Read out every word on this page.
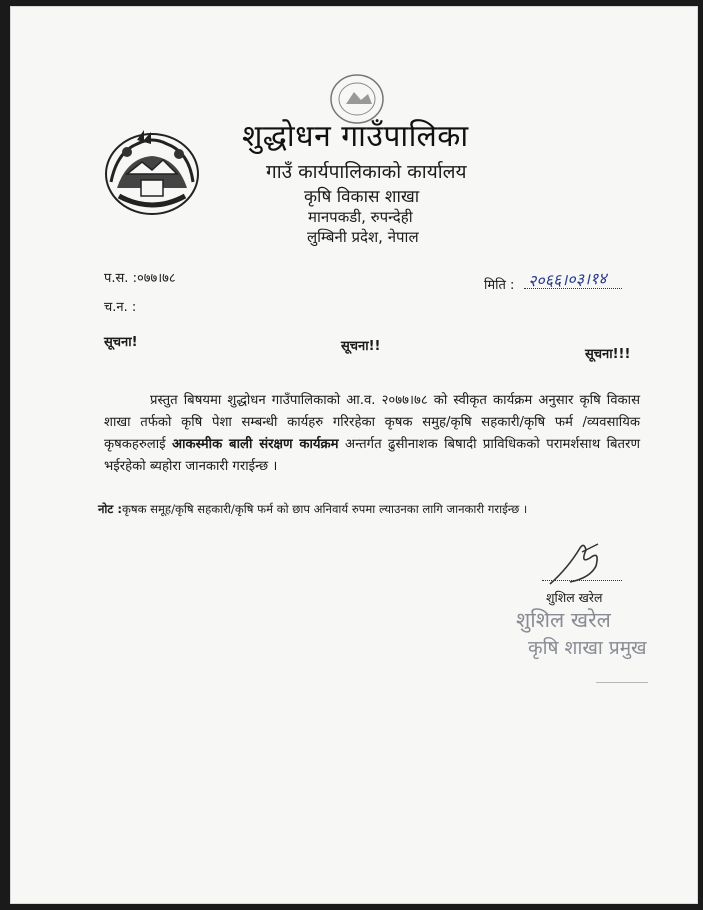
शुद्धोधन गाउँपालिका
गाउँ कार्यपालिकाको कार्यालय
कृषि विकास शाखा
मानपकडी, रुपन्देही
लुम्बिनी प्रदेश, नेपाल
प.स. :०७७।७८
च.न. :
मिति : २०६६।०३।१४
सूचना!	सूचना!!
सूचना!!!
प्रस्तुत बिषयमा शुद्धोधन गाउँपालिकाको आ.व. २०७७।७८ को स्वीकृत कार्यक्रम अनुसार कृषि विकास शाखा तर्फको कृषि पेशा सम्बन्धी कार्यहरु गरिरहेका कृषक समुह/कृषि सहकारी/कृषि फर्म /व्यवसायिक कृषकहरुलाई आकस्मीक बाली संरक्षण कार्यक्रम अन्तर्गत ढुसीनाशक बिषादी प्राविधिकको परामर्शसाथ बितरण भईरहेको ब्यहोरा जानकारी गराईन्छ ।
नोट :कृषक समूह/कृषि सहकारी/कृषि फर्म को छाप अनिवार्य रुपमा ल्याउनका लागि जानकारी गराईन्छ ।
शुशिल खरेल
शुशिल खरेल
कृषि शाखा प्रमुख
